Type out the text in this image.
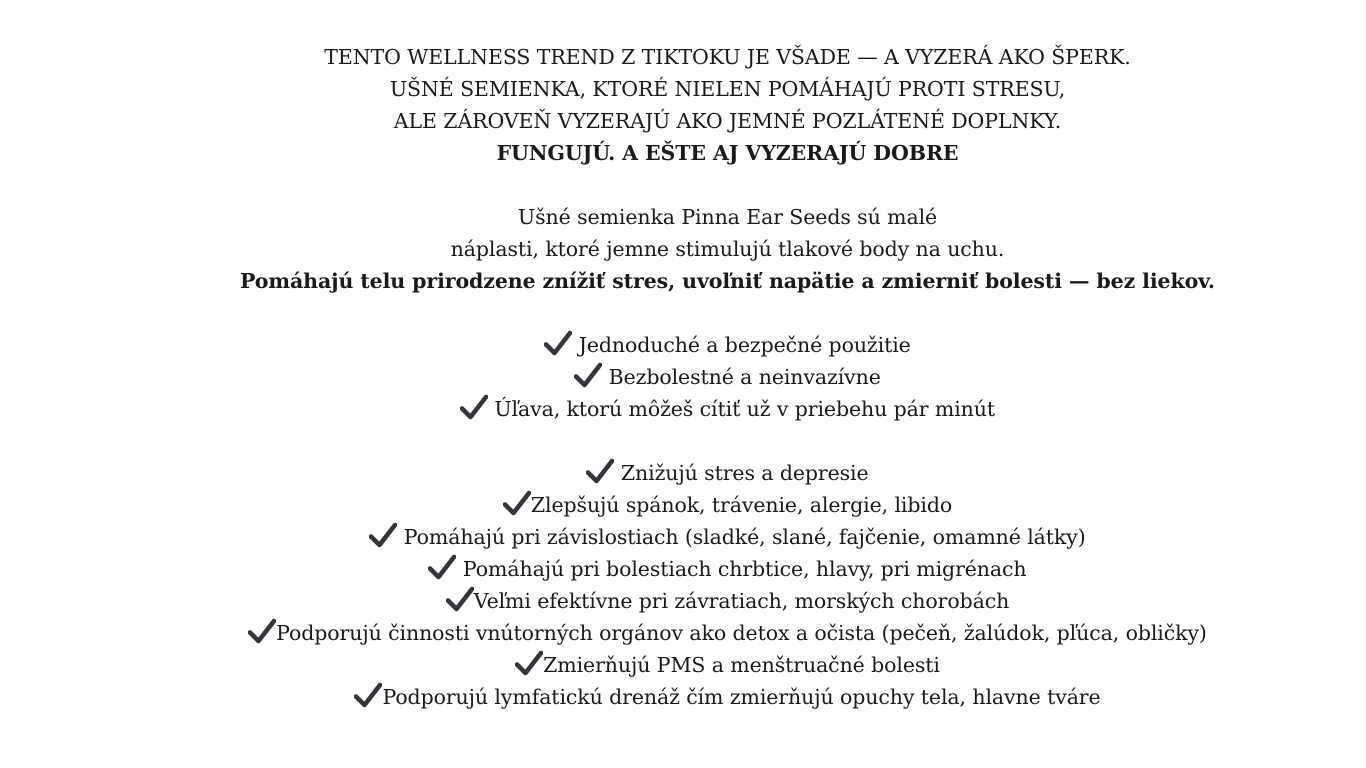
TENTO WELLNESS TREND Z TIKTOKU JE VŠADE — A VYZERÁ AKO ŠPERK.
UŠNÉ SEMIENKA, KTORÉ NIELEN POMÁHAJÚ PROTI STRESU,
ALE ZÁROVEŇ VYZERAJÚ AKO JEMNÉ POZLÁTENÉ DOPLNKY.
FUNGUJÚ. A EŠTE AJ VYZERAJÚ DOBRE
Ušné semienka Pinna Ear Seeds sú malé
náplasti, ktoré jemne stimulujú tlakové body na uchu.
Pomáhajú telu prirodzene znížiť stres, uvoľniť napätie a zmierniť bolesti — bez liekov.
Jednoduché a bezpečné použitie
Bezbolestné a neinvazívne
Úľava, ktorú môžeš cítiť už v priebehu pár minút
Znižujú stres a depresie
Zlepšujú spánok, trávenie, alergie, libido
Pomáhajú pri závislostiach (sladké, slané, fajčenie, omamné látky)
Pomáhajú pri bolestiach chrbtice, hlavy, pri migrénach
Veľmi efektívne pri závratiach, morských chorobách
Podporujú činnosti vnútorných orgánov ako detox a očista (pečeň, žalúdok, pľúca, obličky)
Zmierňujú PMS a menštruačné bolesti
Podporujú lymfatickú drenáž čím zmierňujú opuchy tela, hlavne tváre
